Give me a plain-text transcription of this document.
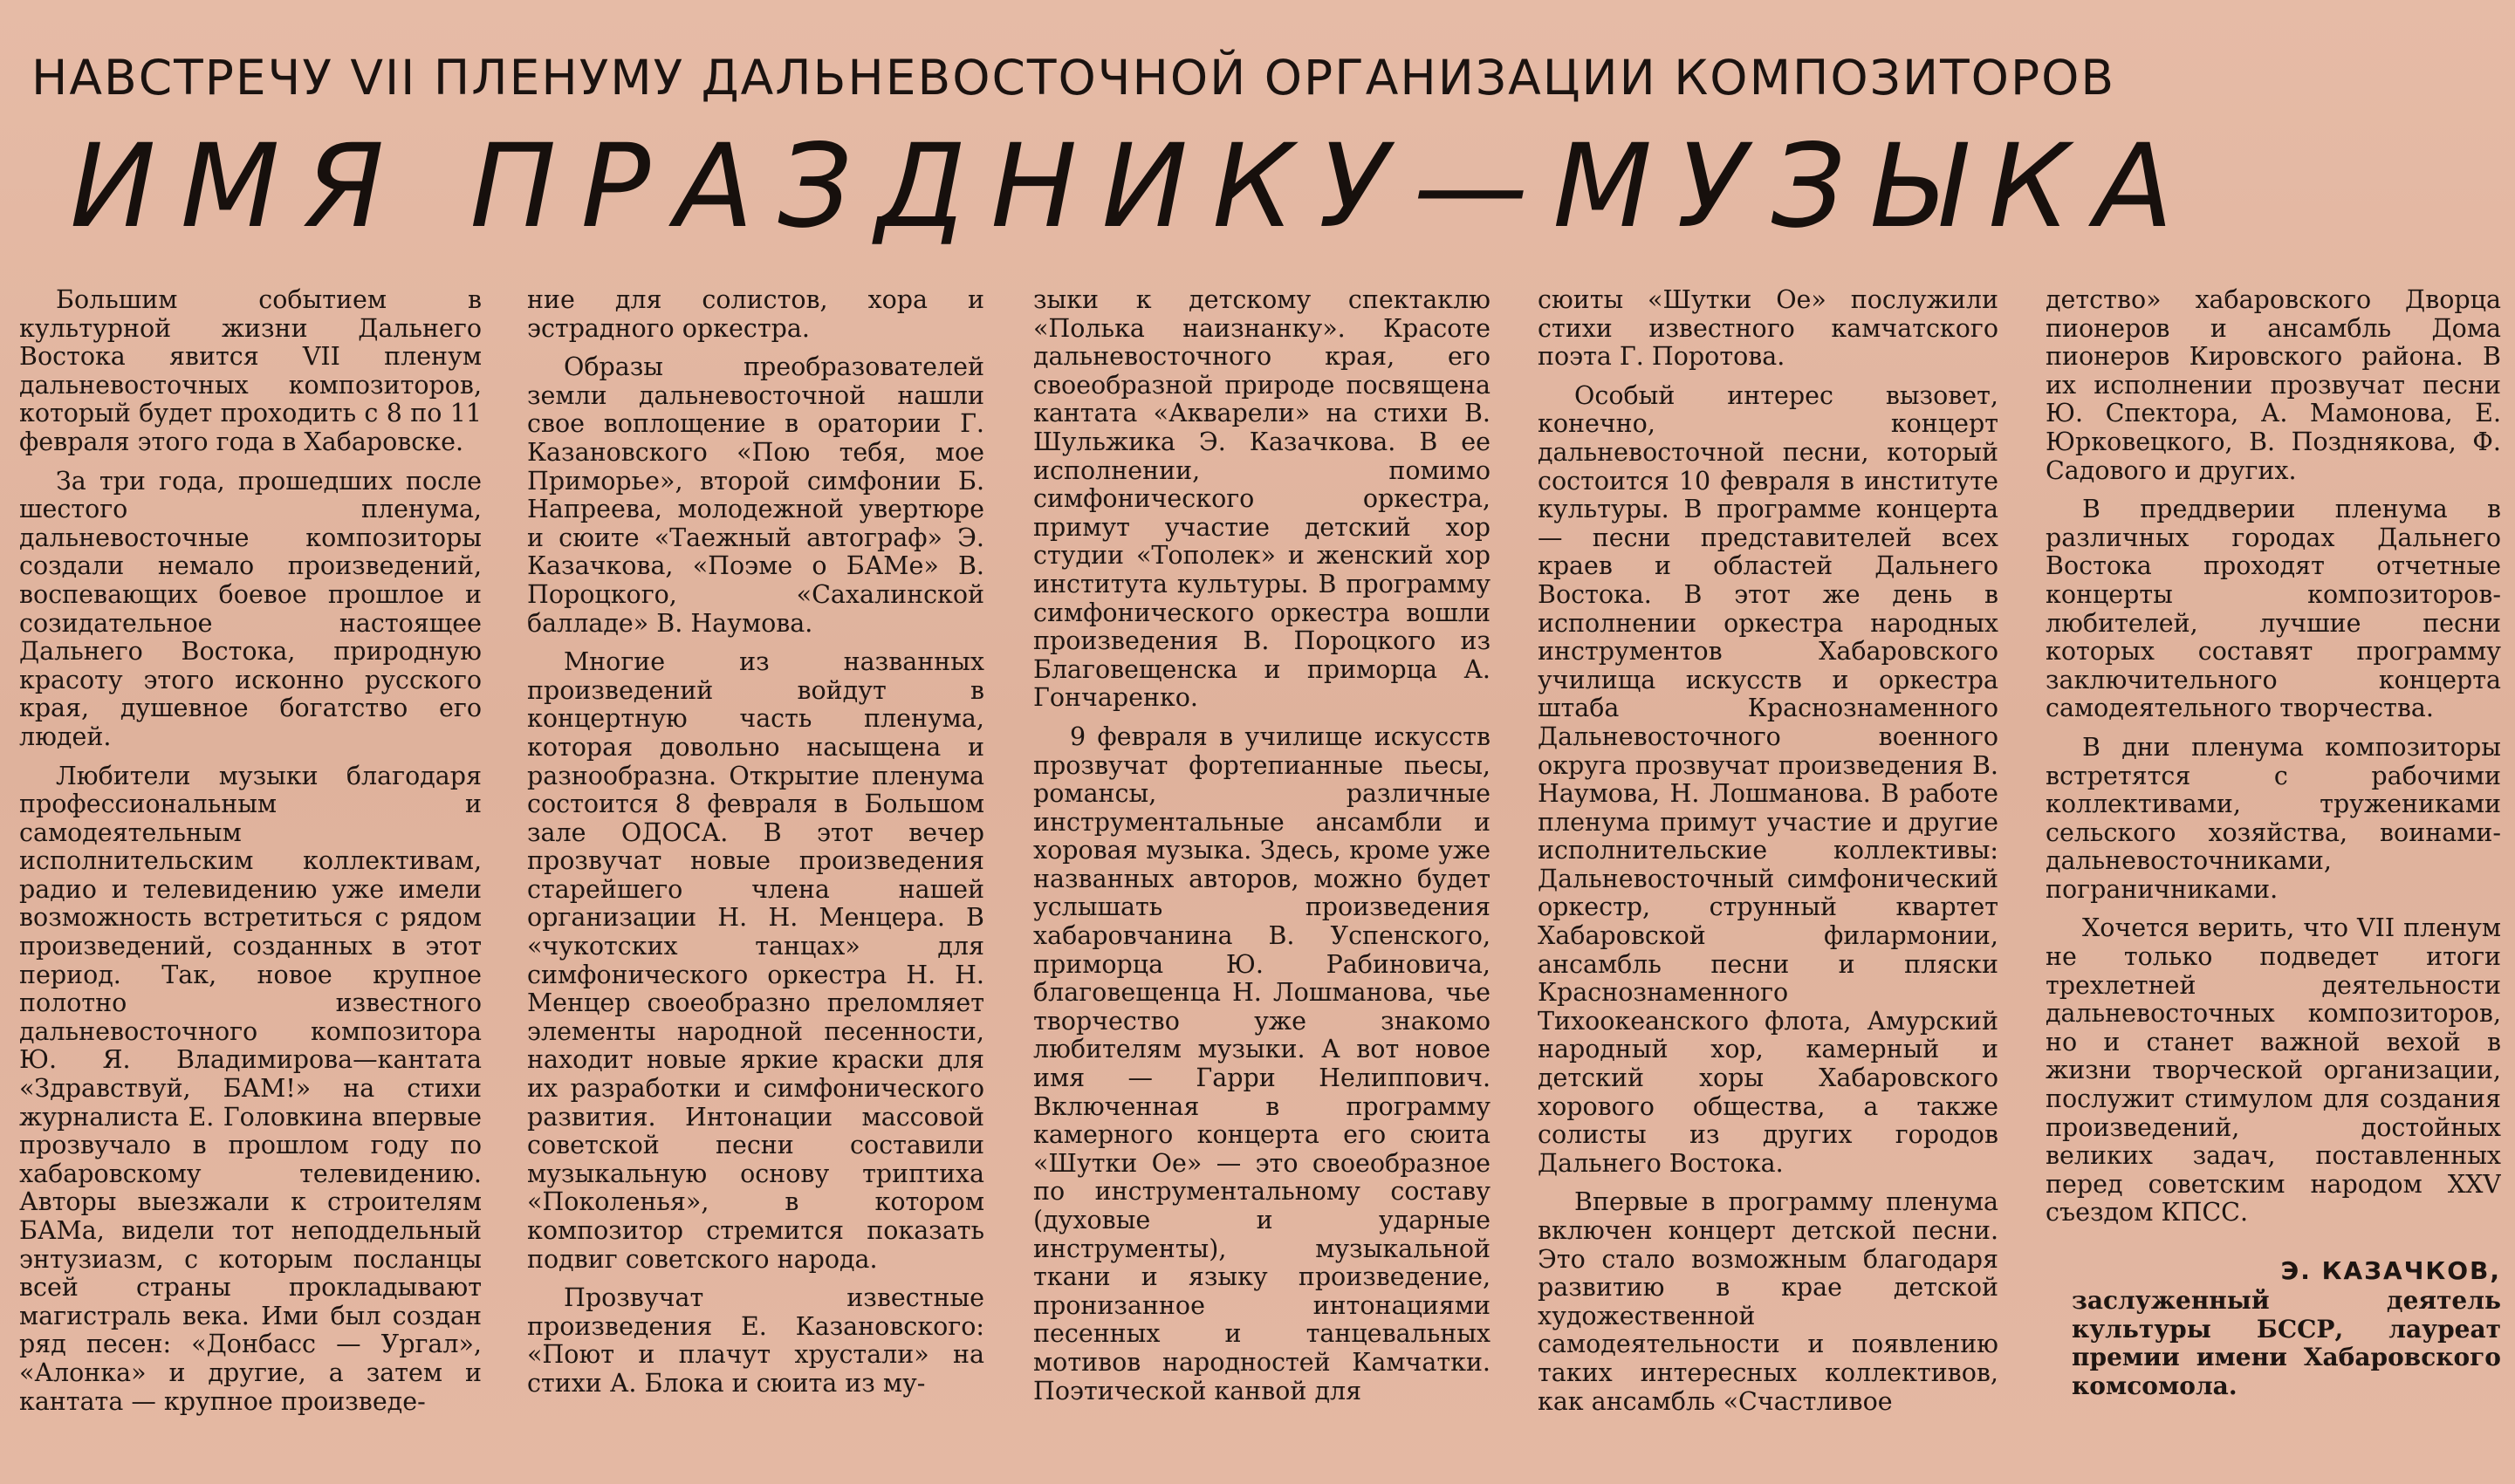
НАВСТРЕЧУ VII ПЛЕНУМУ ДАЛЬНЕВОСТОЧНОЙ ОРГАНИЗАЦИИ КОМПОЗИТОРОВ
ИМЯ ПРАЗДНИКУ—МУЗЫКА

Большим событием в культурной жизни Дальнего Востока явится VII пленум дальневосточных композиторов, который будет проходить с 8 по 11 февраля этого года в Хабаровске.

За три года, прошедших после шестого пленума, дальневосточные композиторы создали немало произведений, воспевающих боевое прошлое и созидательное настоящее Дальнего Востока, природную красоту этого исконно русского края, душевное богатство его людей.

Любители музыки благодаря профессиональным и самодеятельным исполнительским коллективам, радио и телевидению уже имели возможность встретиться с рядом произведений, созданных в этот период. Так, новое крупное полотно известного дальневосточного композитора Ю. Я. Владимирова—кантата «Здравствуй, БАМ!» на стихи журналиста Е. Головкина впервые прозвучало в прошлом году по хабаровскому телевидению. Авторы выезжали к строителям БАМа, видели тот неподдельный энтузиазм, с которым посланцы всей страны прокладывают магистраль века. Ими был создан ряд песен: «Донбасс — Ургал», «Алонка» и другие, а затем и кантата — крупное произведе-

ние для солистов, хора и эстрадного оркестра.

Образы преобразователей земли дальневосточной нашли свое воплощение в оратории Г. Казановского «Пою тебя, мое Приморье», второй симфонии Б. Напреева, молодежной увертюре и сюите «Таежный автограф» Э. Казачкова, «Поэме о БАМе» В. Пороцкого, «Сахалинской балладе» В. Наумова.

Многие из названных произведений войдут в концертную часть пленума, которая довольно насыщена и разнообразна. Открытие пленума состоится 8 февраля в Большом зале ОДОСА. В этот вечер прозвучат новые произведения старейшего члена нашей организации Н. Н. Менцера. В «чукотских танцах» для симфонического оркестра Н. Н. Менцер своеобразно преломляет элементы народной песенности, находит новые яркие краски для их разработки и симфонического развития. Интонации массовой советской песни составили музыкальную основу триптиха «Поколенья», в котором композитор стремится показать подвиг советского народа.

Прозвучат известные произведения Е. Казановского: «Поют и плачут хрустали» на стихи А. Блока и сюита из му-

зыки к детскому спектаклю «Полька наизнанку». Красоте дальневосточного края, его своеобразной природе посвящена кантата «Акварели» на стихи В. Шульжика Э. Казачкова. В ее исполнении, помимо симфонического оркестра, примут участие детский хор студии «Тополек» и женский хор института культуры. В программу симфонического оркестра вошли произведения В. Пороцкого из Благовещенска и приморца А. Гончаренко.

9 февраля в училище искусств прозвучат фортепианные пьесы, романсы, различные инструментальные ансамбли и хоровая музыка. Здесь, кроме уже названных авторов, можно будет услышать произведения хабаровчанина В. Успенского, приморца Ю. Рабиновича, благовещенца Н. Лошманова, чье творчество уже знакомо любителям музыки. А вот новое имя — Гарри Нелиппович. Включенная в программу камерного концерта его сюита «Шутки Ое» — это своеобразное по инструментальному составу (духовые и ударные инструменты), музыкальной ткани и языку произведение, пронизанное интонациями песенных и танцевальных мотивов народностей Камчатки. Поэтической канвой для

сюиты «Шутки Ое» послужили стихи известного камчатского поэта Г. Поротова.

Особый интерес вызовет, конечно, концерт дальневосточной песни, который состоится 10 февраля в институте культуры. В программе концерта — песни представителей всех краев и областей Дальнего Востока. В этот же день в исполнении оркестра народных инструментов Хабаровского училища искусств и оркестра штаба Краснознаменного Дальневосточного военного округа прозвучат произведения В. Наумова, Н. Лошманова. В работе пленума примут участие и другие исполнительские коллективы: Дальневосточный симфонический оркестр, струнный квартет Хабаровской филармонии, ансамбль песни и пляски Краснознаменного Тихоокеанского флота, Амурский народный хор, камерный и детский хоры Хабаровского хорового общества, а также солисты из других городов Дальнего Востока.

Впервые в программу пленума включен концерт детской песни. Это стало возможным благодаря развитию в крае детской художественной самодеятельности и появлению таких интересных коллективов, как ансамбль «Счастливое

детство» хабаровского Дворца пионеров и ансамбль Дома пионеров Кировского района. В их исполнении прозвучат песни Ю. Спектора, А. Мамонова, Е. Юрковецкого, В. Позднякова, Ф. Садового и других.

В преддверии пленума в различных городах Дальнего Востока проходят отчетные концерты композиторов-любителей, лучшие песни которых составят программу заключительного концерта самодеятельного творчества.

В дни пленума композиторы встретятся с рабочими коллективами, тружениками сельского хозяйства, воинами-дальневосточниками, пограничниками.

Хочется верить, что VII пленум не только подведет итоги трехлетней деятельности дальневосточных композиторов, но и станет важной вехой в жизни творческой организации, послужит стимулом для создания произведений, достойных великих задач, поставленных перед советским народом XXV съездом КПСС.

Э. КАЗАЧКОВ,
заслуженный деятель культуры БССР, лауреат премии имени Хабаровского комсомола.
